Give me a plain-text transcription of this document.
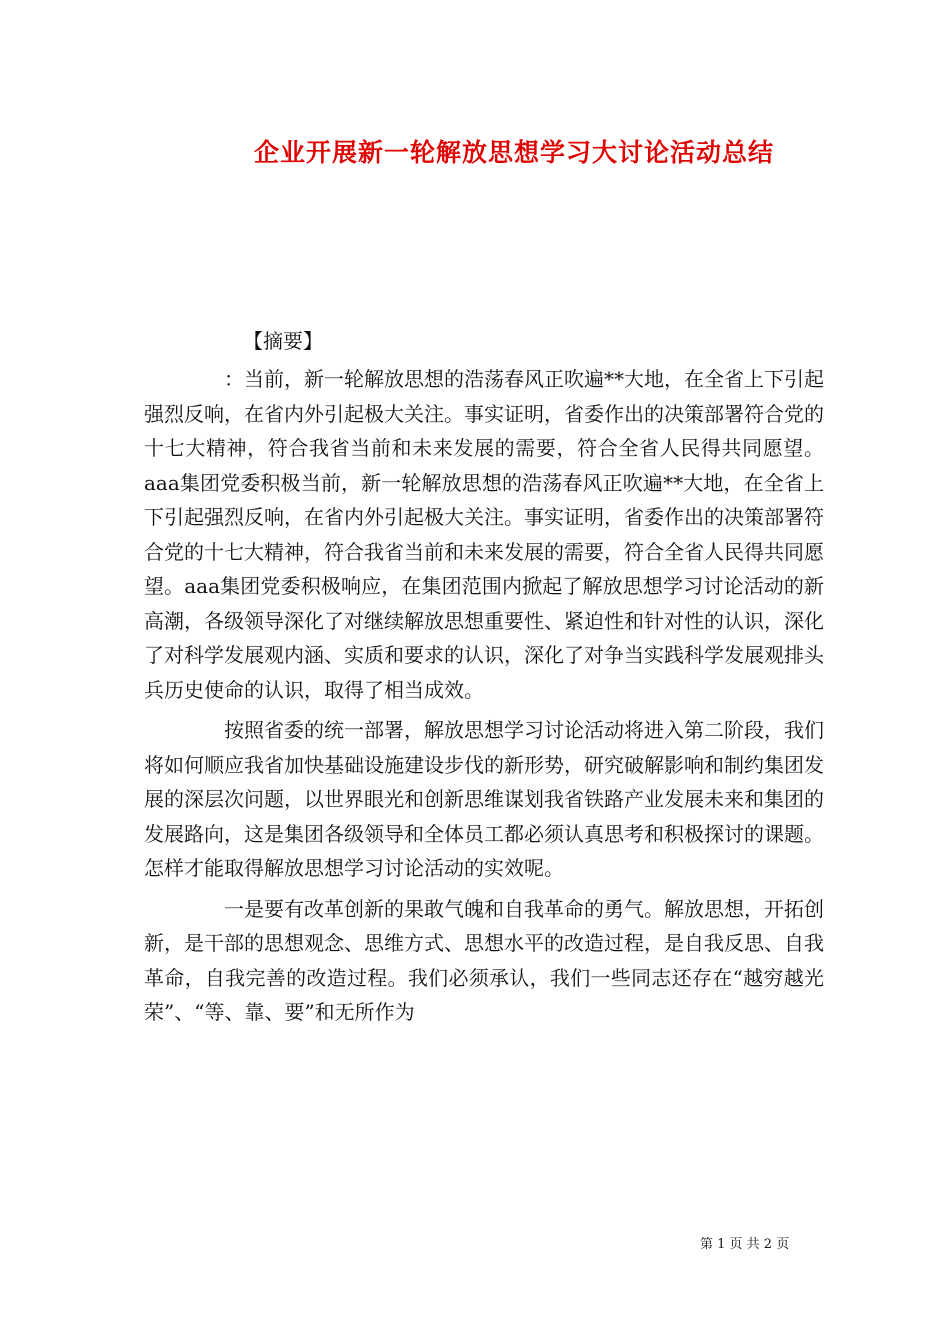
企业开展新一轮解放思想学习大讨论活动总结
【摘要】

：当前，新一轮解放思想的浩荡春风正吹遍**大地，在全省上下引起强烈反响，在省内外引起极大关注。事实证明，省委作出的决策部署符合党的十七大精神，符合我省当前和未来发展的需要，符合全省人民得共同愿望。aaa集团党委积极当前，新一轮解放思想的浩荡春风正吹遍**大地，在全省上下引起强烈反响，在省内外引起极大关注。事实证明，省委作出的决策部署符合党的十七大精神，符合我省当前和未来发展的需要，符合全省人民得共同愿望。aaa集团党委积极响应，在集团范围内掀起了解放思想学习讨论活动的新高潮，各级领导深化了对继续解放思想重要性、紧迫性和针对性的认识，深化了对科学发展观内涵、实质和要求的认识，深化了对争当实践科学发展观排头兵历史使命的认识，取得了相当成效。

按照省委的统一部署，解放思想学习讨论活动将进入第二阶段，我们将如何顺应我省加快基础设施建设步伐的新形势，研究破解影响和制约集团发展的深层次问题，以世界眼光和创新思维谋划我省铁路产业发展未来和集团的发展路向，这是集团各级领导和全体员工都必须认真思考和积极探讨的课题。怎样才能取得解放思想学习讨论活动的实效呢。

一是要有改革创新的果敢气魄和自我革命的勇气。解放思想，开拓创新，是干部的思想观念、思维方式、思想水平的改造过程，是自我反思、自我革命，自我完善的改造过程。我们必须承认，我们一些同志还存在“越穷越光荣”、“等、靠、要”和无所作为

第 1 页 共 2 页
